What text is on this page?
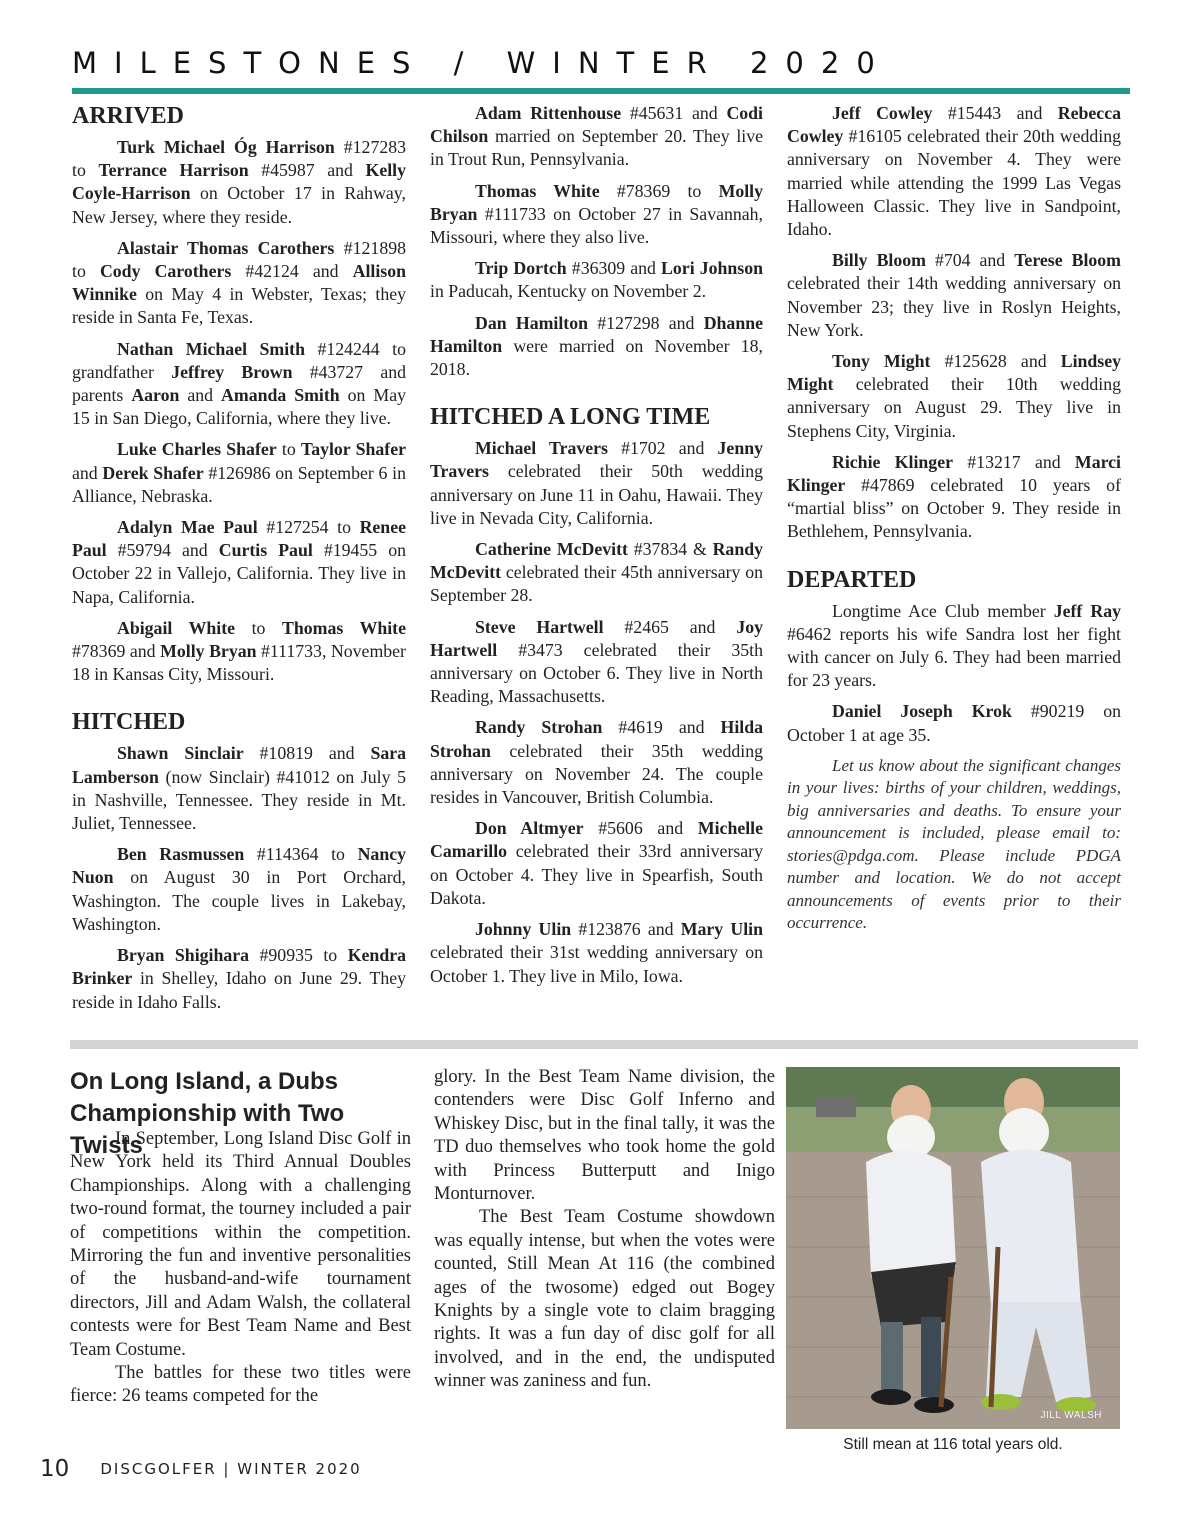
MILESTONES / WINTER 2020
ARRIVED

Turk Michael Óg Harrison #127283 to Terrance Harrison #45987 and Kelly Coyle-Harrison on October 17 in Rahway, New Jersey, where they reside.

Alastair Thomas Carothers #121898 to Cody Carothers #42124 and Allison Winnike on May 4 in Webster, Texas; they reside in Santa Fe, Texas.

Nathan Michael Smith #124244 to grandfather Jeffrey Brown #43727 and parents Aaron and Amanda Smith on May 15 in San Diego, California, where they live.

Luke Charles Shafer to Taylor Shafer and Derek Shafer #126986 on September 6 in Alliance, Nebraska.

Adalyn Mae Paul #127254 to Renee Paul #59794 and Curtis Paul #19455 on October 22 in Vallejo, California. They live in Napa, California.

Abigail White to Thomas White #78369 and Molly Bryan #111733, November 18 in Kansas City, Missouri.

HITCHED

Shawn Sinclair #10819 and Sara Lamberson (now Sinclair) #41012 on July 5 in Nashville, Tennessee. They reside in Mt. Juliet, Tennessee.

Ben Rasmussen #114364 to Nancy Nuon on August 30 in Port Orchard, Washington. The couple lives in Lakebay, Washington.

Bryan Shigihara #90935 to Kendra Brinker in Shelley, Idaho on June 29. They reside in Idaho Falls.

Adam Rittenhouse #45631 and Codi Chilson married on September 20. They live in Trout Run, Pennsylvania.

Thomas White #78369 to Molly Bryan #111733 on October 27 in Savannah, Missouri, where they also live.

Trip Dortch #36309 and Lori Johnson in Paducah, Kentucky on November 2.

Dan Hamilton #127298 and Dhanne Hamilton were married on November 18, 2018.

HITCHED A LONG TIME

Michael Travers #1702 and Jenny Travers celebrated their 50th wedding anniversary on June 11 in Oahu, Hawaii. They live in Nevada City, California.

Catherine McDevitt #37834 & Randy McDevitt celebrated their 45th anniversary on September 28.

Steve Hartwell #2465 and Joy Hartwell #3473 celebrated their 35th anniversary on October 6. They live in North Reading, Massachusetts.

Randy Strohan #4619 and Hilda Strohan celebrated their 35th wedding anniversary on November 24. The couple resides in Vancouver, British Columbia.

Don Altmyer #5606 and Michelle Camarillo celebrated their 33rd anniversary on October 4. They live in Spearfish, South Dakota.

Johnny Ulin #123876 and Mary Ulin celebrated their 31st wedding anniversary on October 1. They live in Milo, Iowa.

Jeff Cowley #15443 and Rebecca Cowley #16105 celebrated their 20th wedding anniversary on November 4. They were married while attending the 1999 Las Vegas Halloween Classic. They live in Sandpoint, Idaho.

Billy Bloom #704 and Terese Bloom celebrated their 14th wedding anniversary on November 23; they live in Roslyn Heights, New York.

Tony Might #125628 and Lindsey Might celebrated their 10th wedding anniversary on August 29. They live in Stephens City, Virginia.

Richie Klinger #13217 and Marci Klinger #47869 celebrated 10 years of “martial bliss” on October 9. They reside in Bethlehem, Pennsylvania.

DEPARTED

Longtime Ace Club member Jeff Ray #6462 reports his wife Sandra lost her fight with cancer on July 6. They had been married for 23 years.

Daniel Joseph Krok #90219 on October 1 at age 35.

Let us know about the significant changes in your lives: births of your children, weddings, big anniversaries and deaths. To ensure your announcement is included, please email to: stories@pdga.com. Please include PDGA number and location. We do not accept announcements of events prior to their occurrence.

On Long Island, a Dubs Championship with Two Twists

In September, Long Island Disc Golf in New York held its Third Annual Doubles Championships. Along with a challenging two-round format, the tourney included a pair of competitions within the competition. Mirroring the fun and inventive personalities of the husband-and-wife tournament directors, Jill and Adam Walsh, the collateral contests were for Best Team Name and Best Team Costume.

The battles for these two titles were fierce: 26 teams competed for the

glory. In the Best Team Name division, the contenders were Disc Golf Inferno and Whiskey Disc, but in the final tally, it was the TD duo themselves who took home the gold with Princess Butterputt and Inigo Monturnover.

The Best Team Costume showdown was equally intense, but when the votes were counted, Still Mean At 116 (the combined ages of the twosome) edged out Bogey Knights by a single vote to claim bragging rights. It was a fun day of disc golf for all involved, and in the end, the undisputed winner was zaniness and fun.

JILL WALSH
Still mean at 116 total years old.
10 DISCGOLFER | WINTER 2020
